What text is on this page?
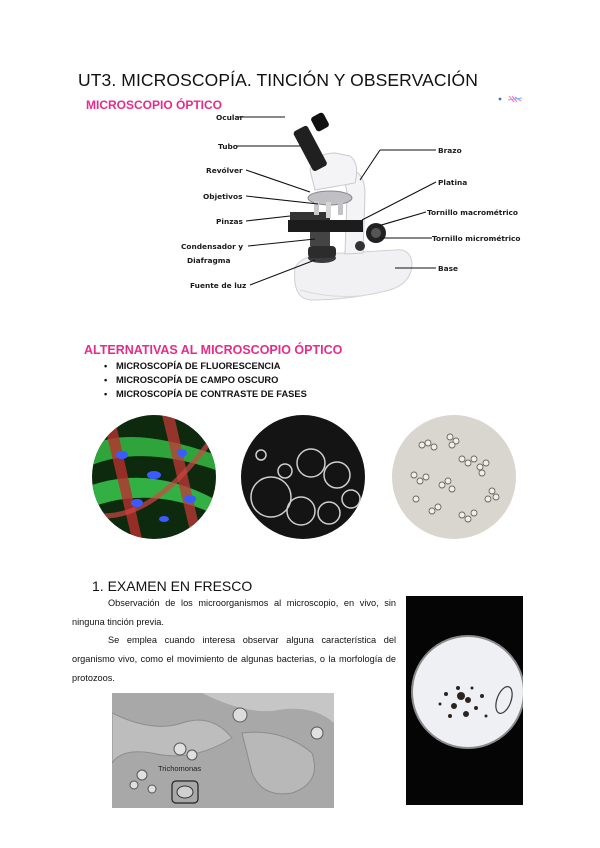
UT3. MICROSCOPÍA. TINCIÓN Y OBSERVACIÓN
MICROSCOPIO ÓPTICO
Ocular
Tubo
Revólver
Objetivos
Pinzas
Condensador y
Diafragma
Fuente de luz
Brazo
Platina
Tornillo macrométrico
Tornillo micrométrico
Base
ALTERNATIVAS AL MICROSCOPIO ÓPTICO
• MICROSCOPÍA DE FLUORESCENCIA
• MICROSCOPÍA DE CAMPO OSCURO
• MICROSCOPÍA DE CONTRASTE DE FASES
1. EXAMEN EN FRESCO
Observación de los microorganismos al microscopio, en vivo, sin ninguna tinción previa.
Se emplea cuando interesa observar alguna característica del organismo vivo, como el movimiento de algunas bacterias, o la morfología de protozoos.
Trichomonas
